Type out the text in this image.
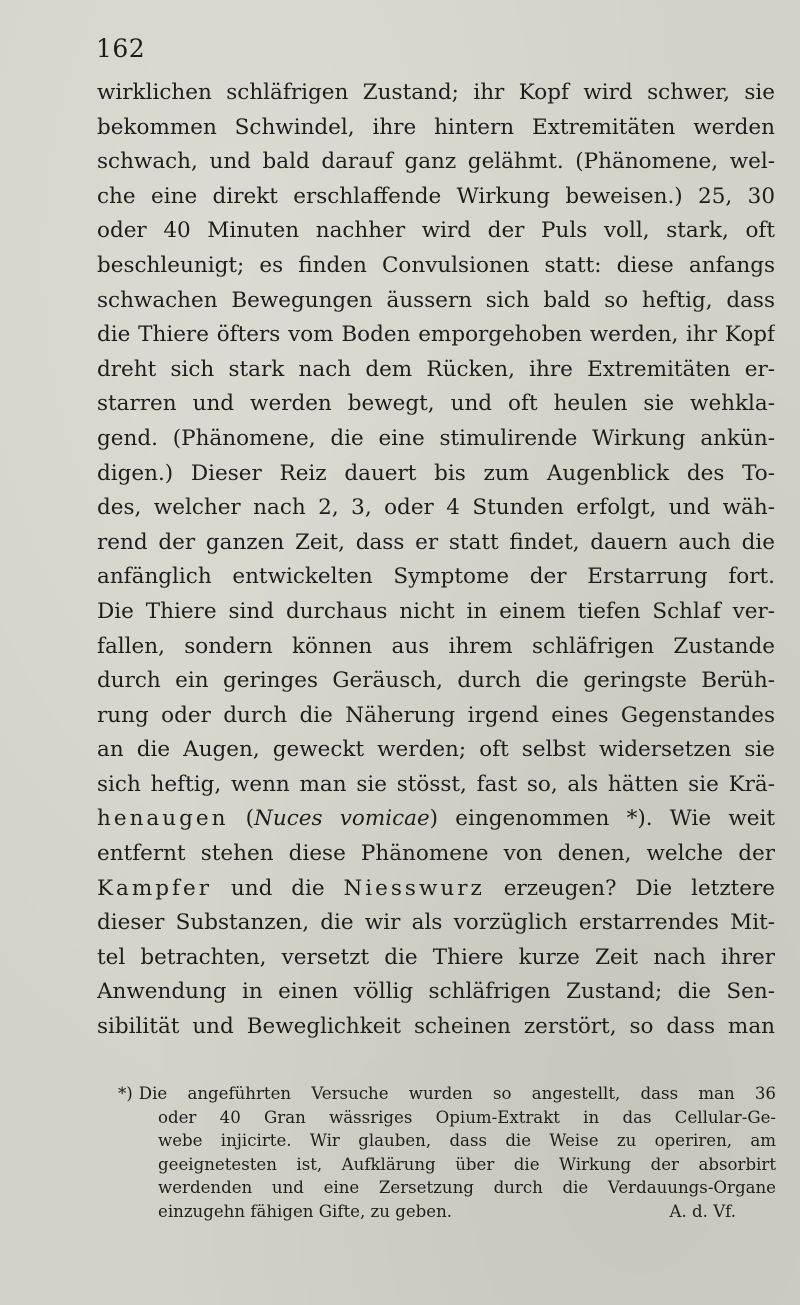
162
wirklichen schläfrigen Zustand; ihr Kopf wird schwer, sie
bekommen Schwindel, ihre hintern Extremitäten werden
schwach, und bald darauf ganz gelähmt. (Phänomene, wel-
che eine direkt erschlaffende Wirkung beweisen.) 25, 30
oder 40 Minuten nachher wird der Puls voll, stark, oft
beschleunigt; es finden Convulsionen statt: diese anfangs
schwachen Bewegungen äussern sich bald so heftig, dass
die Thiere öfters vom Boden emporgehoben werden, ihr Kopf
dreht sich stark nach dem Rücken, ihre Extremitäten er-
starren und werden bewegt, und oft heulen sie wehkla-
gend. (Phänomene, die eine stimulirende Wirkung ankün-
digen.) Dieser Reiz dauert bis zum Augenblick des To-
des, welcher nach 2, 3, oder 4 Stunden erfolgt, und wäh-
rend der ganzen Zeit, dass er statt findet, dauern auch die
anfänglich entwickelten Symptome der Erstarrung fort.
Die Thiere sind durchaus nicht in einem tiefen Schlaf ver-
fallen, sondern können aus ihrem schläfrigen Zustande
durch ein geringes Geräusch, durch die geringste Berüh-
rung oder durch die Näherung irgend eines Gegenstandes
an die Augen, geweckt werden; oft selbst widersetzen sie
sich heftig, wenn man sie stösst, fast so, als hätten sie Krä-
henaugen (Nuces vomicae) eingenommen *). Wie weit
entfernt stehen diese Phänomene von denen, welche der
Kampfer und die Niesswurz erzeugen? Die letztere
dieser Substanzen, die wir als vorzüglich erstarrendes Mit-
tel betrachten, versetzt die Thiere kurze Zeit nach ihrer
Anwendung in einen völlig schläfrigen Zustand; die Sen-
sibilität und Beweglichkeit scheinen zerstört, so dass man
*) Die angeführten Versuche wurden so angestellt, dass man 36
oder 40 Gran wässriges Opium-Extrakt in das Cellular-Ge-
webe injicirte. Wir glauben, dass die Weise zu operiren, am
geeignetesten ist, Aufklärung über die Wirkung der absorbirt
werdenden und eine Zersetzung durch die Verdauungs-Organe
einzugehn fähigen Gifte, zu geben.	A. d. Vf.
